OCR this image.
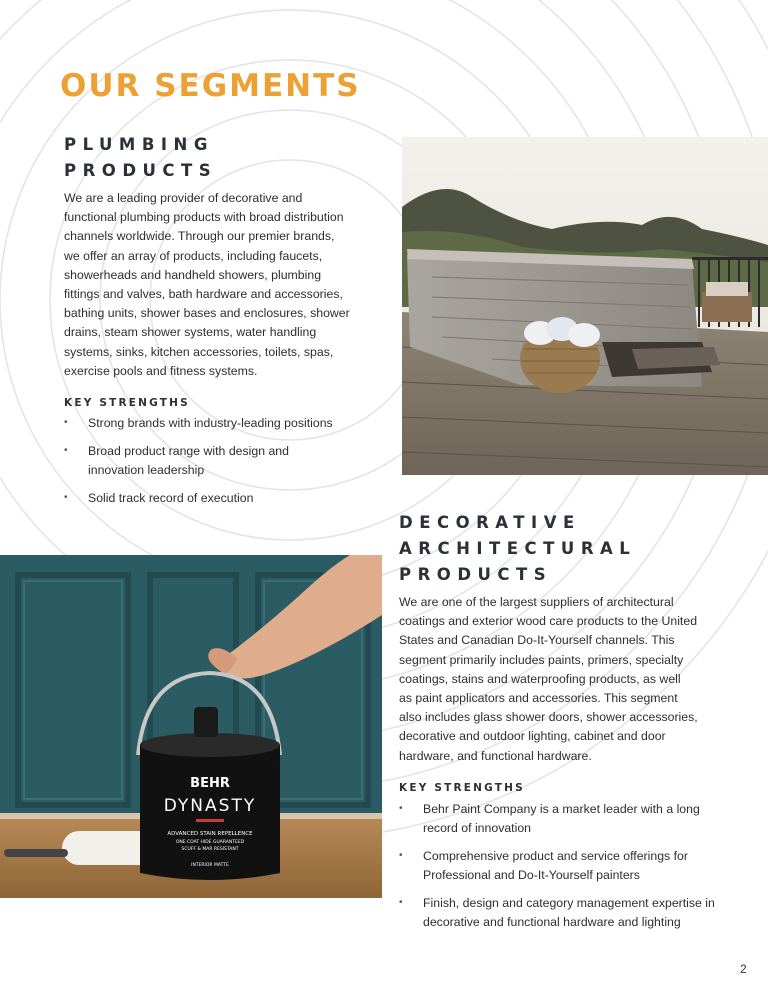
OUR SEGMENTS
PLUMBING
PRODUCTS
We are a leading provider of decorative and
functional plumbing products with broad distribution
channels worldwide. Through our premier brands,
we offer an array of products, including faucets,
showerheads and handheld showers, plumbing
fittings and valves, bath hardware and accessories,
bathing units, shower bases and enclosures, shower
drains, steam shower systems, water handling
systems, sinks, kitchen accessories, toilets, spas,
exercise pools and fitness systems.
KEY STRENGTHS
• Strong brands with industry-leading positions
• Broad product range with design and
innovation leadership
• Solid track record of execution
BEHR
DYNASTY
ADVANCED STAIN REPELLENCE
ONE COAT HIDE GUARANTEED
SCUFF & MAR RESISTANT
INTERIOR MATTE
DECORATIVE
ARCHITECTURAL
PRODUCTS
We are one of the largest suppliers of architectural
coatings and exterior wood care products to the United
States and Canadian Do-It-Yourself channels. This
segment primarily includes paints, primers, specialty
coatings, stains and waterproofing products, as well
as paint applicators and accessories. This segment
also includes glass shower doors, shower accessories,
decorative and outdoor lighting, cabinet and door
hardware, and functional hardware.
KEY STRENGTHS
• Behr Paint Company is a market leader with a long
record of innovation
• Comprehensive product and service offerings for
Professional and Do-It-Yourself painters
• Finish, design and category management expertise in
decorative and functional hardware and lighting
2
